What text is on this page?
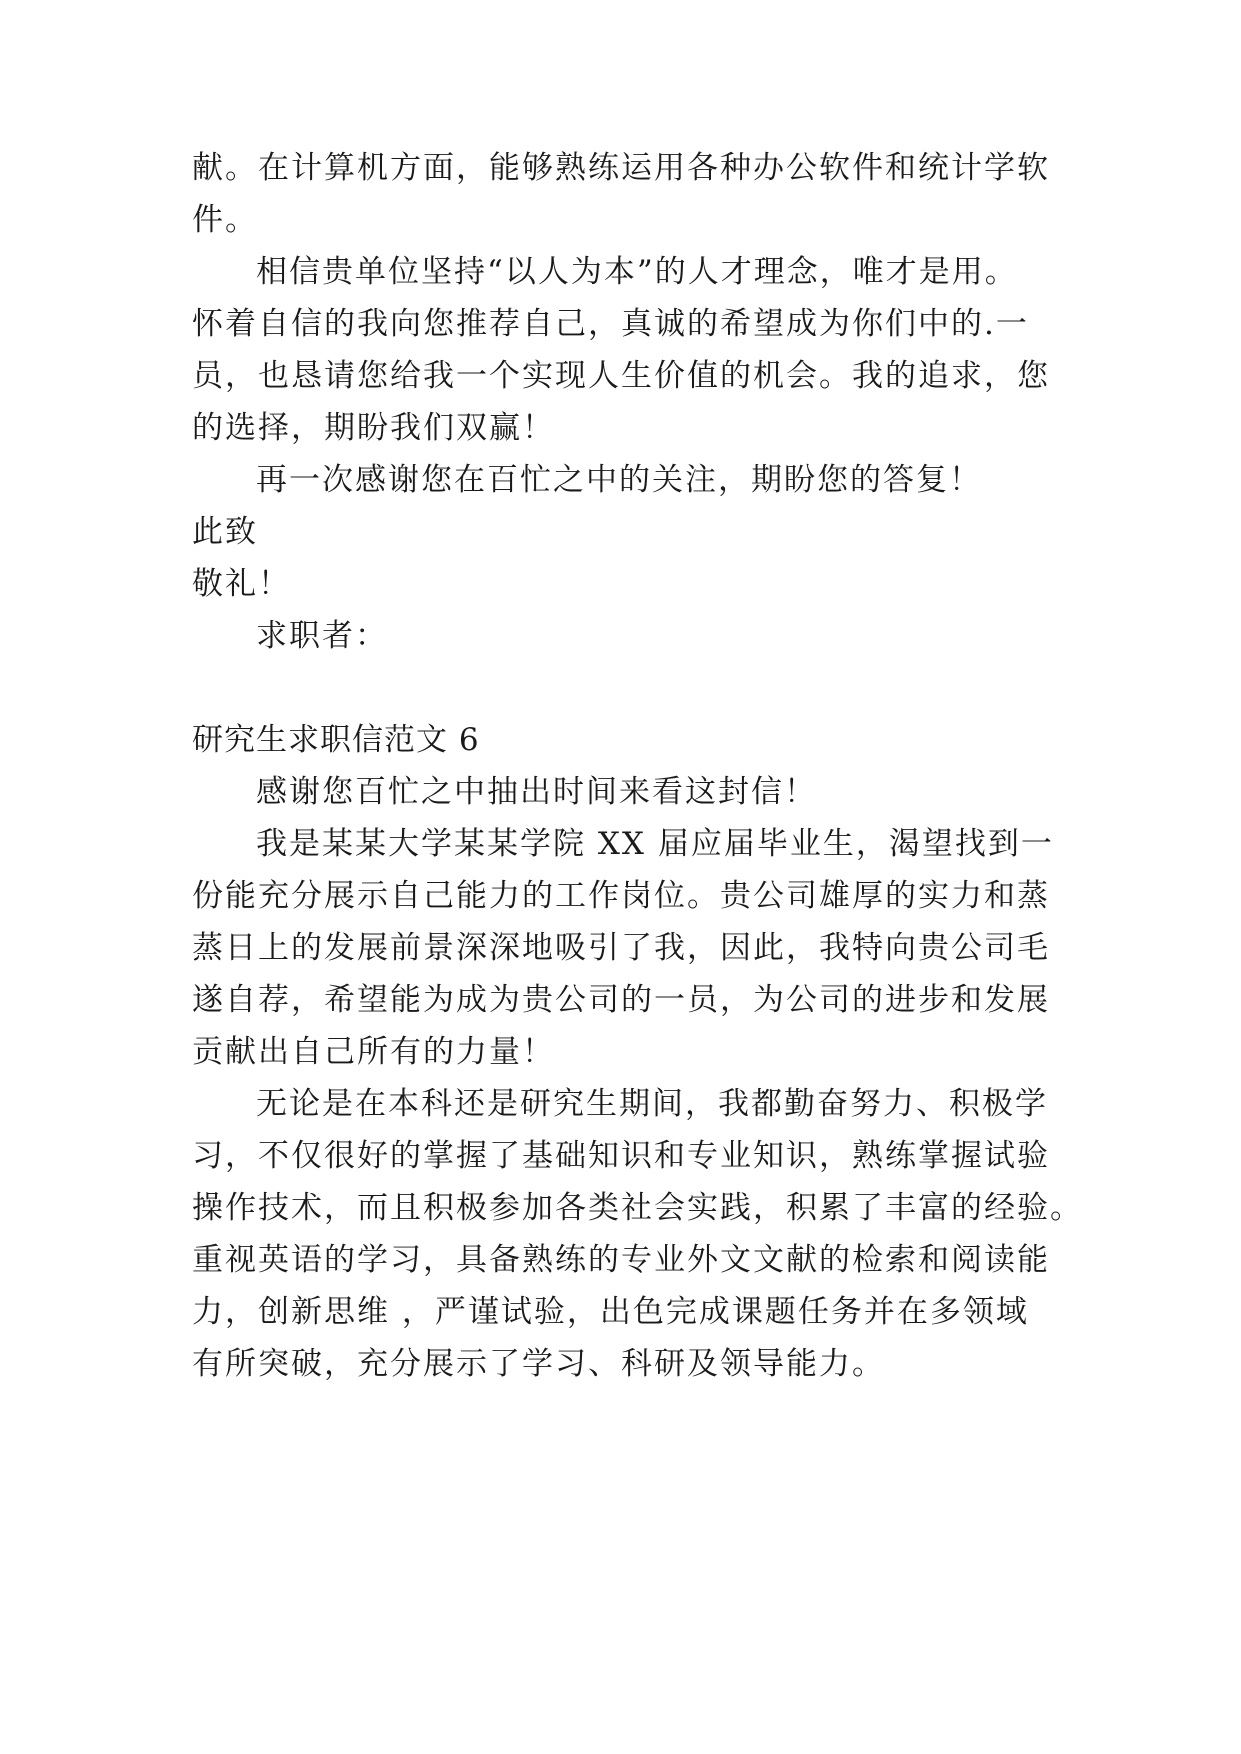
献。在计算机方面，能够熟练运用各种办公软件和统计学软
件。
相信贵单位坚持“以人为本”的人才理念，唯才是用。
怀着自信的我向您推荐自己，真诚的希望成为你们中的.一
员，也恳请您给我一个实现人生价值的机会。我的追求，您
的选择，期盼我们双赢！
再一次感谢您在百忙之中的关注，期盼您的答复！
此致
敬礼！
求职者：
研究生求职信范文 6
感谢您百忙之中抽出时间来看这封信！
我是某某大学某某学院 XX 届应届毕业生，渴望找到一
份能充分展示自己能力的工作岗位。贵公司雄厚的实力和蒸
蒸日上的发展前景深深地吸引了我，因此，我特向贵公司毛
遂自荐，希望能为成为贵公司的一员，为公司的进步和发展
贡献出自己所有的力量！
无论是在本科还是研究生期间，我都勤奋努力、积极学
习，不仅很好的掌握了基础知识和专业知识，熟练掌握试验
操作技术，而且积极参加各类社会实践，积累了丰富的经验。
重视英语的学习，具备熟练的专业外文文献的检索和阅读能
力，创新思维 ，严谨试验，出色完成课题任务并在多领域
有所突破，充分展示了学习、科研及领导能力。
